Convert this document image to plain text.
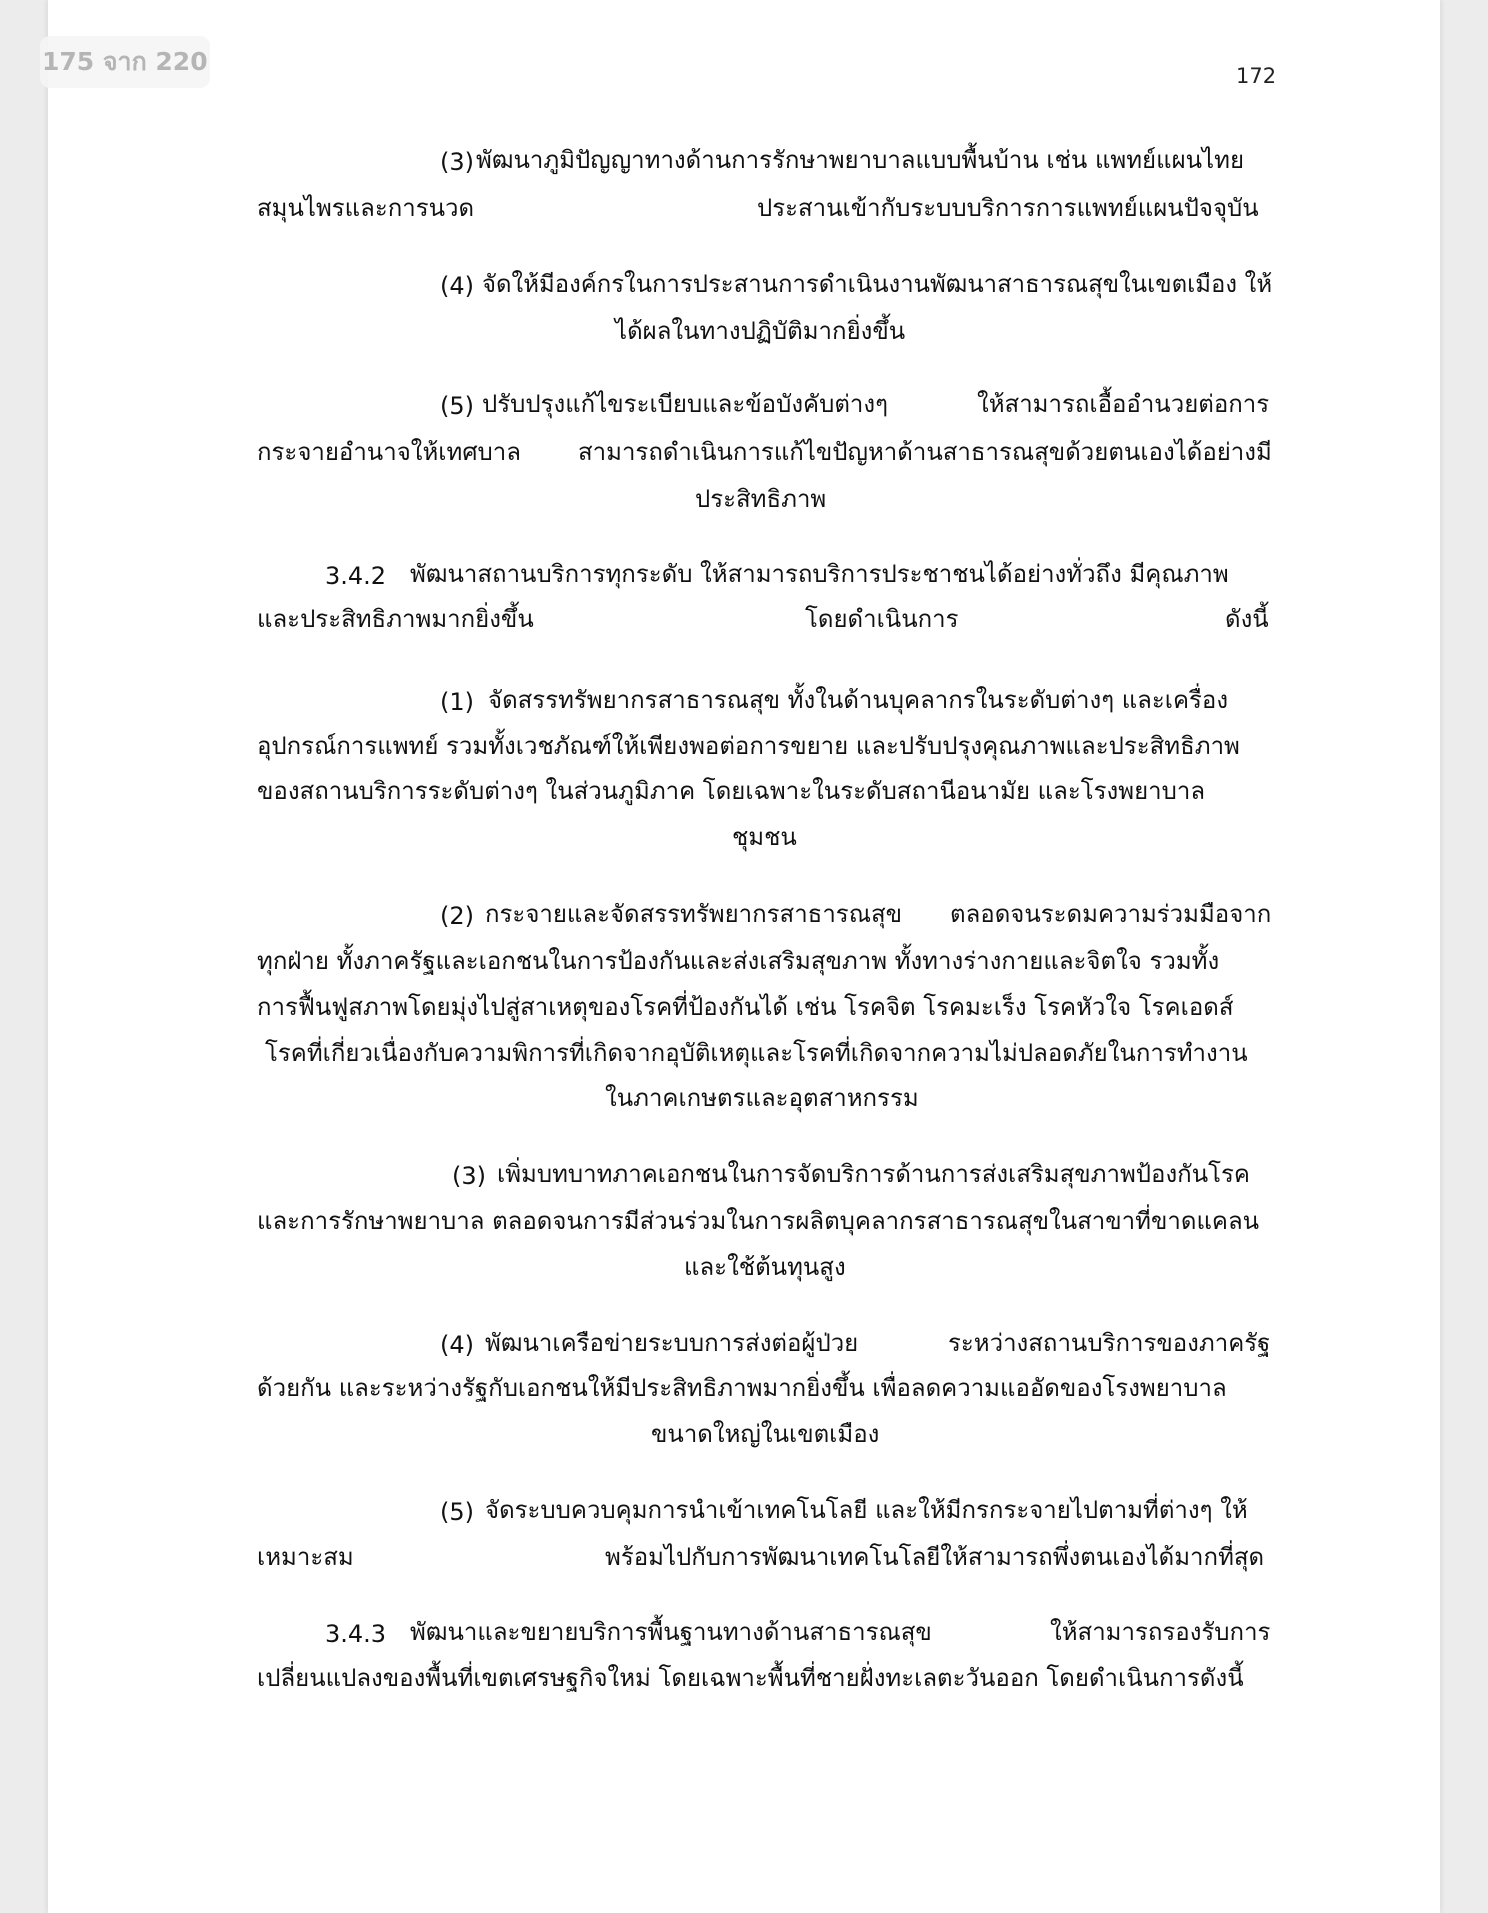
175 จาก 220	172
(3) พัฒนาภูมิปัญญาทางด้านการรักษาพยาบาลแบบพื้นบ้าน เช่น แพทย์แผนไทย
สมุนไพรและการนวด	ประสานเข้ากับระบบบริการการแพทย์แผนปัจจุบัน
(4) จัดให้มีองค์กรในการประสานการดำเนินงานพัฒนาสาธารณสุขในเขตเมือง ให้
ได้ผลในทางปฏิบัติมากยิ่งขึ้น
(5) ปรับปรุงแก้ไขระเบียบและข้อบังคับต่างๆ	ให้สามารถเอื้ออำนวยต่อการ
กระจายอำนาจให้เทศบาล สามารถดำเนินการแก้ไขปัญหาด้านสาธารณสุขด้วยตนเองได้อย่างมี
ประสิทธิภาพ
3.4.2 พัฒนาสถานบริการทุกระดับ ให้สามารถบริการประชาชนได้อย่างทั่วถึง มีคุณภาพ
และประสิทธิภาพมากยิ่งขึ้น	โดยดำเนินการ	ดังนี้
(1) จัดสรรทรัพยากรสาธารณสุข ทั้งในด้านบุคลากรในระดับต่างๆ และเครื่อง
อุปกรณ์การแพทย์ รวมทั้งเวชภัณฑ์ให้เพียงพอต่อการขยาย และปรับปรุงคุณภาพและประสิทธิภาพ
ของสถานบริการระดับต่างๆ ในส่วนภูมิภาค โดยเฉพาะในระดับสถานีอนามัย และโรงพยาบาล
ชุมชน
(2) กระจายและจัดสรรทรัพยากรสาธารณสุข ตลอดจนระดมความร่วมมือจาก
ทุกฝ่าย ทั้งภาครัฐและเอกชนในการป้องกันและส่งเสริมสุขภาพ ทั้งทางร่างกายและจิตใจ รวมทั้ง
การฟื้นฟูสภาพโดยมุ่งไปสู่สาเหตุของโรคที่ป้องกันได้ เช่น โรคจิต โรคมะเร็ง โรคหัวใจ โรคเอดส์
โรคที่เกี่ยวเนื่องกับความพิการที่เกิดจากอุบัติเหตุและโรคที่เกิดจากความไม่ปลอดภัยในการทำงาน
ในภาคเกษตรและอุตสาหกรรม
(3) เพิ่มบทบาทภาคเอกชนในการจัดบริการด้านการส่งเสริมสุขภาพป้องกันโรค
และการรักษาพยาบาล ตลอดจนการมีส่วนร่วมในการผลิตบุคลากรสาธารณสุขในสาขาที่ขาดแคลน
และใช้ต้นทุนสูง
(4) พัฒนาเครือข่ายระบบการส่งต่อผู้ป่วย	ระหว่างสถานบริการของภาครัฐ
ด้วยกัน และระหว่างรัฐกับเอกชนให้มีประสิทธิภาพมากยิ่งขึ้น เพื่อลดความแออัดของโรงพยาบาล
ขนาดใหญ่ในเขตเมือง
(5) จัดระบบควบคุมการนำเข้าเทคโนโลยี และให้มีกรกระจายไปตามที่ต่างๆ ให้
เหมาะสม	พร้อมไปกับการพัฒนาเทคโนโลยีให้สามารถพึ่งตนเองได้มากที่สุด
3.4.3 พัฒนาและขยายบริการพื้นฐานทางด้านสาธารณสุข	ให้สามารถรองรับการ
เปลี่ยนแปลงของพื้นที่เขตเศรษฐกิจใหม่ โดยเฉพาะพื้นที่ชายฝั่งทะเลตะวันออก โดยดำเนินการดังนี้
